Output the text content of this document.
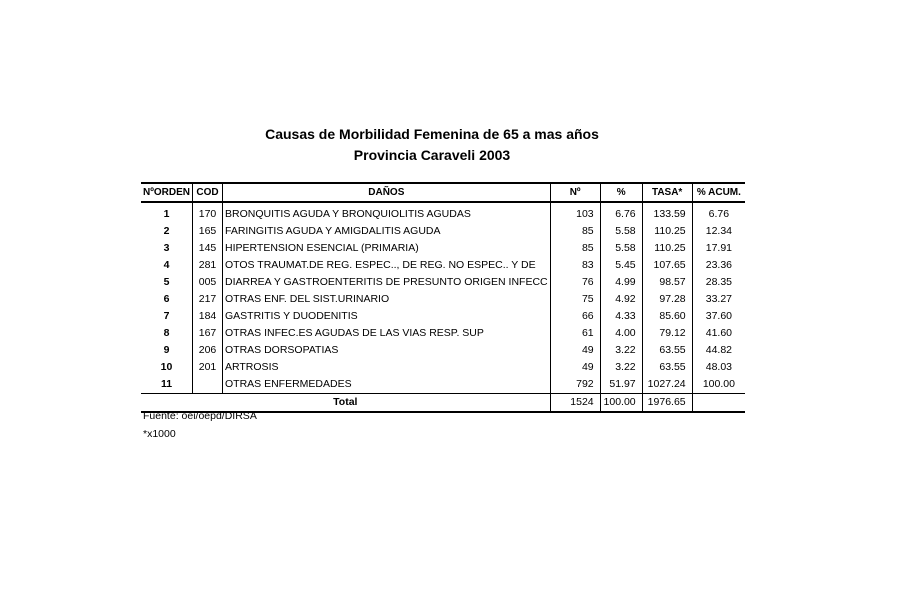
Causas de Morbilidad Femenina de 65 a mas años
Provincia Caraveli 2003
NºORDEN	COD	DAÑOS	Nº	%	TASA*	% ACUM.
1	170	BRONQUITIS AGUDA Y BRONQUIOLITIS AGUDAS	103	6.76	133.59	6.76
2	165	FARINGITIS AGUDA Y AMIGDALITIS AGUDA	85	5.58	110.25	12.34
3	145	HIPERTENSION ESENCIAL (PRIMARIA)	85	5.58	110.25	17.91
4	281	OTOS TRAUMAT.DE REG. ESPEC.., DE REG. NO ESPEC.. Y DE	83	5.45	107.65	23.36
5	005	DIARREA Y GASTROENTERITIS DE PRESUNTO ORIGEN INFECC	76	4.99	98.57	28.35
6	217	OTRAS ENF. DEL SIST.URINARIO	75	4.92	97.28	33.27
7	184	GASTRITIS Y DUODENITIS	66	4.33	85.60	37.60
8	167	OTRAS INFEC.ES AGUDAS DE LAS VIAS RESP. SUP	61	4.00	79.12	41.60
9	206	OTRAS DORSOPATIAS	49	3.22	63.55	44.82
10	201	ARTROSIS	49	3.22	63.55	48.03
11		OTRAS ENFERMEDADES	792	51.97	1027.24	100.00
Total			1524	100.00	1976.65	
Fuente: oei/oepd/DIRSA
*x1000
